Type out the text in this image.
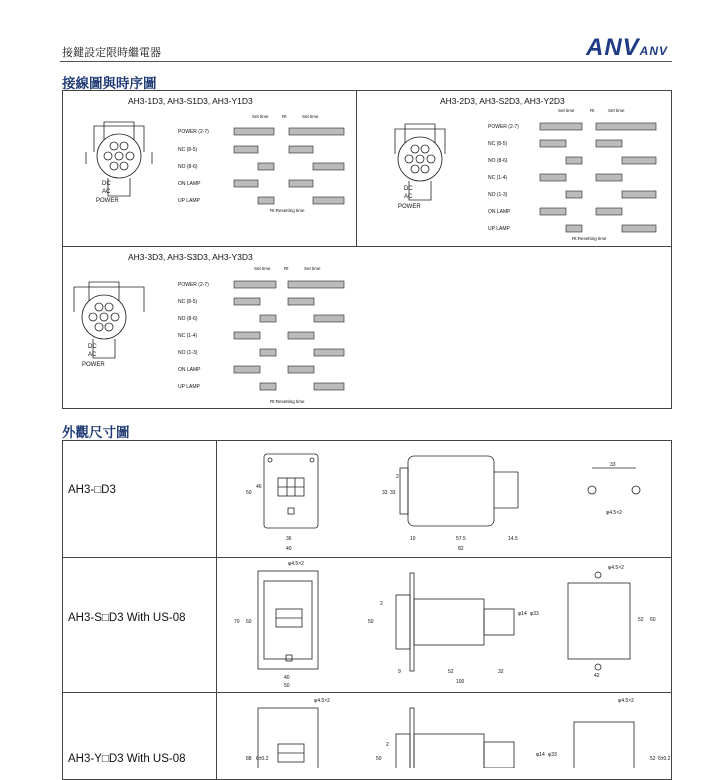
接鍵設定限時繼電器	ANVANV
接線圖與時序圖
AH3-1D3, AH3-S1D3, AH3-Y1D3	AH3-2D3, AH3-S2D3, AH3-Y2D3
AH3-3D3, AH3-S3D3, AH3-Y3D3
DC
AC
POWER
POWER (2-7)
NC (8-5)
NO (8-6)
ON LAMP
UP LAMP
Set time	Rt	Set time
Rt:Resetting time
DC
AC
POWER
POWER (2-7)
NC (8-5)
NO (8-6)
NC (1-4)
NO (1-3)
ON LAMP
UP LAMP
Set time	Rt	Set time
Rt:Resetting time
DC
AC
POWER
POWER (2-7)
NC (8-5)
NO (8-6)
NC (1-4)
NO (1-3)
ON LAMP
UP LAMP
Set time	Rt	Set time
Rt:Resetting time
外觀尺寸圖
AH3-□D3
AH3-S□D3 With US-08
AH3-Y□D3 With US-08
50
46
36
40
33 33
2
10	57.5	14.5
82
33
φ4.5×2
φ4.5×2
70 60
40
50
50
2
φ14 φ33
9	52	32
100
φ4.5×2
52 60
42
φ4.5×2
88 6±0.2	50
2
φ14 φ33
φ4.5×2
52 6±0.2
